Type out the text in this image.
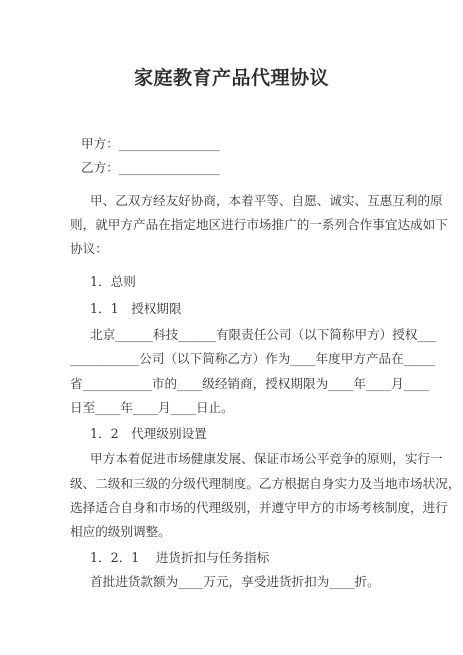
家庭教育产品代理协议
甲方：________________
乙方：________________
甲、乙双方经友好协商，本着平等、自愿、诚实、互惠互利的原
则，就甲方产品在指定地区进行市场推广的一系列合作事宜达成如下
协议：
1．总则
1．1　授权期限
北京______科技______有限责任公司（以下简称甲方）授权___
___________公司（以下简称乙方）作为____年度甲方产品在_____
省___________市的____级经销商，授权期限为____年____月____
日至____年____月____日止。
1．2　代理级别设置
甲方本着促进市场健康发展、保证市场公平竞争的原则，实行一
级、二级和三级的分级代理制度。乙方根据自身实力及当地市场状况，
选择适合自身和市场的代理级别，并遵守甲方的市场考核制度，进行
相应的级别调整。
1．2．1　 进货折扣与任务指标
首批进货款额为____万元，享受进货折扣为____折。
